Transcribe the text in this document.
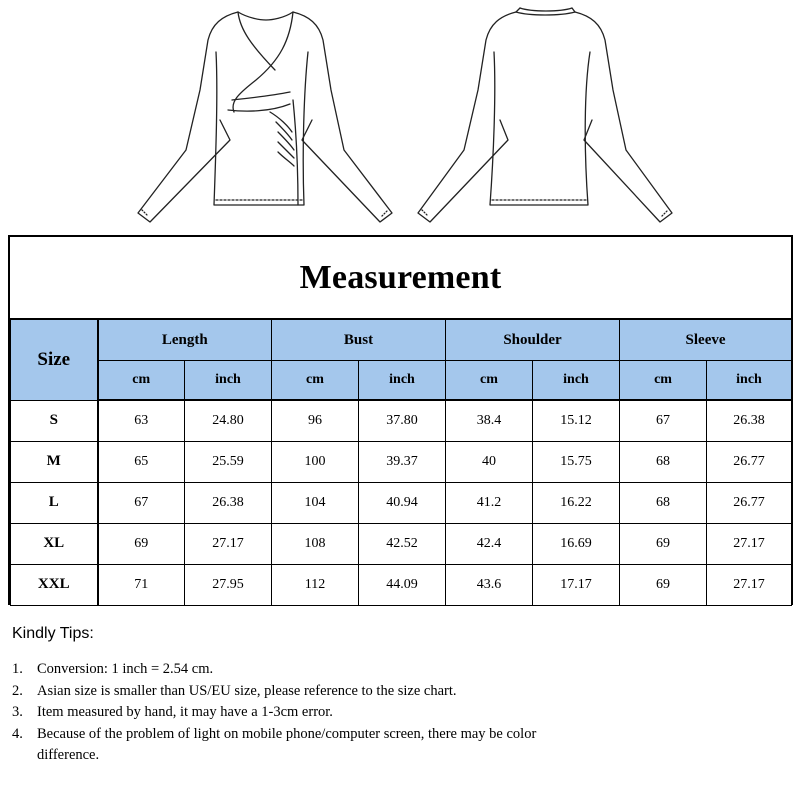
Measurement
Size	Length		Bust		Shoulder		Sleeve	
	cm	inch	cm	inch	cm	inch	cm	inch
S	63	24.80	96	37.80	38.4	15.12	67	26.38
M	65	25.59	100	39.37	40	15.75	68	26.77
L	67	26.38	104	40.94	41.2	16.22	68	26.77
XL	69	27.17	108	42.52	42.4	16.69	69	27.17
XXL	71	27.95	112	44.09	43.6	17.17	69	27.17
Kindly Tips:
1. Conversion: 1 inch = 2.54 cm.
2. Asian size is smaller than US/EU size, please reference to the size chart.
3. Item measured by hand, it may have a 1-3cm error.
4. Because of the problem of light on mobile phone/computer screen, there may be color difference.
